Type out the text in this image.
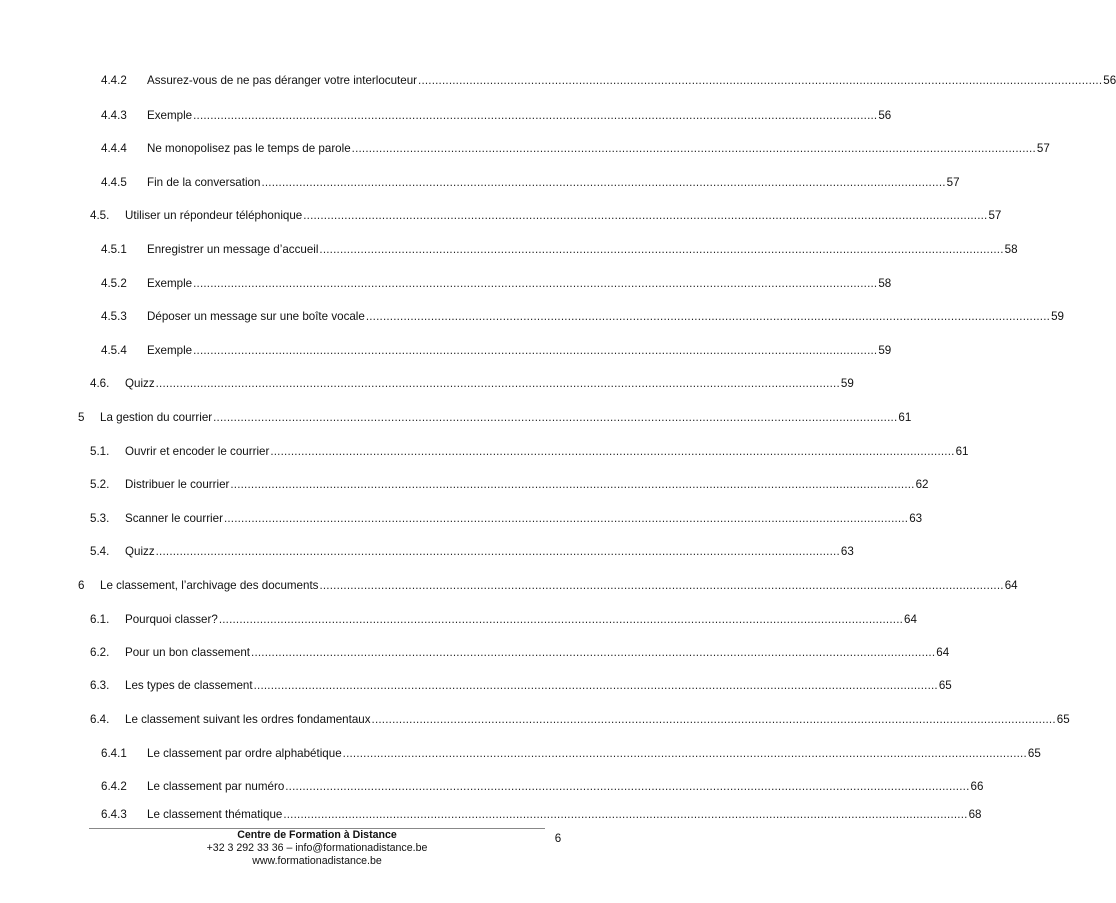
4.4.2	Assurez-vous de ne pas déranger votre interlocuteur ........................................................................................................................................................................................................ 56
4.4.3	Exemple ........................................................................................................................................................................................................ 56
4.4.4	Ne monopolisez pas le temps de parole ........................................................................................................................................................................................................ 57
4.4.5	Fin de la conversation ........................................................................................................................................................................................................ 57
4.5.	Utiliser un répondeur téléphonique ........................................................................................................................................................................................................ 57
4.5.1	Enregistrer un message d’accueil ........................................................................................................................................................................................................ 58
4.5.2	Exemple ........................................................................................................................................................................................................ 58
4.5.3	Déposer un message sur une boîte vocale ........................................................................................................................................................................................................ 59
4.5.4	Exemple ........................................................................................................................................................................................................ 59
4.6.	Quizz ........................................................................................................................................................................................................ 59
5	La gestion du courrier ........................................................................................................................................................................................................ 61
5.1.	Ouvrir et encoder le courrier ........................................................................................................................................................................................................ 61
5.2.	Distribuer le courrier ........................................................................................................................................................................................................ 62
5.3.	Scanner le courrier ........................................................................................................................................................................................................ 63
5.4.	Quizz ........................................................................................................................................................................................................ 63
6	Le classement, l’archivage des documents ........................................................................................................................................................................................................ 64
6.1.	Pourquoi classer? ........................................................................................................................................................................................................ 64
6.2.	Pour un bon classement ........................................................................................................................................................................................................ 64
6.3.	Les types de classement ........................................................................................................................................................................................................ 65
6.4.	Le classement suivant les ordres fondamentaux ........................................................................................................................................................................................................ 65
6.4.1	Le classement par ordre alphabétique ........................................................................................................................................................................................................ 65
6.4.2	Le classement par numéro ........................................................................................................................................................................................................ 66
6.4.3	Le classement thématique ........................................................................................................................................................................................................ 68
Centre de Formation à Distance
+32 3 292 33 36 – info@formationadistance.be
www.formationadistance.be
6
